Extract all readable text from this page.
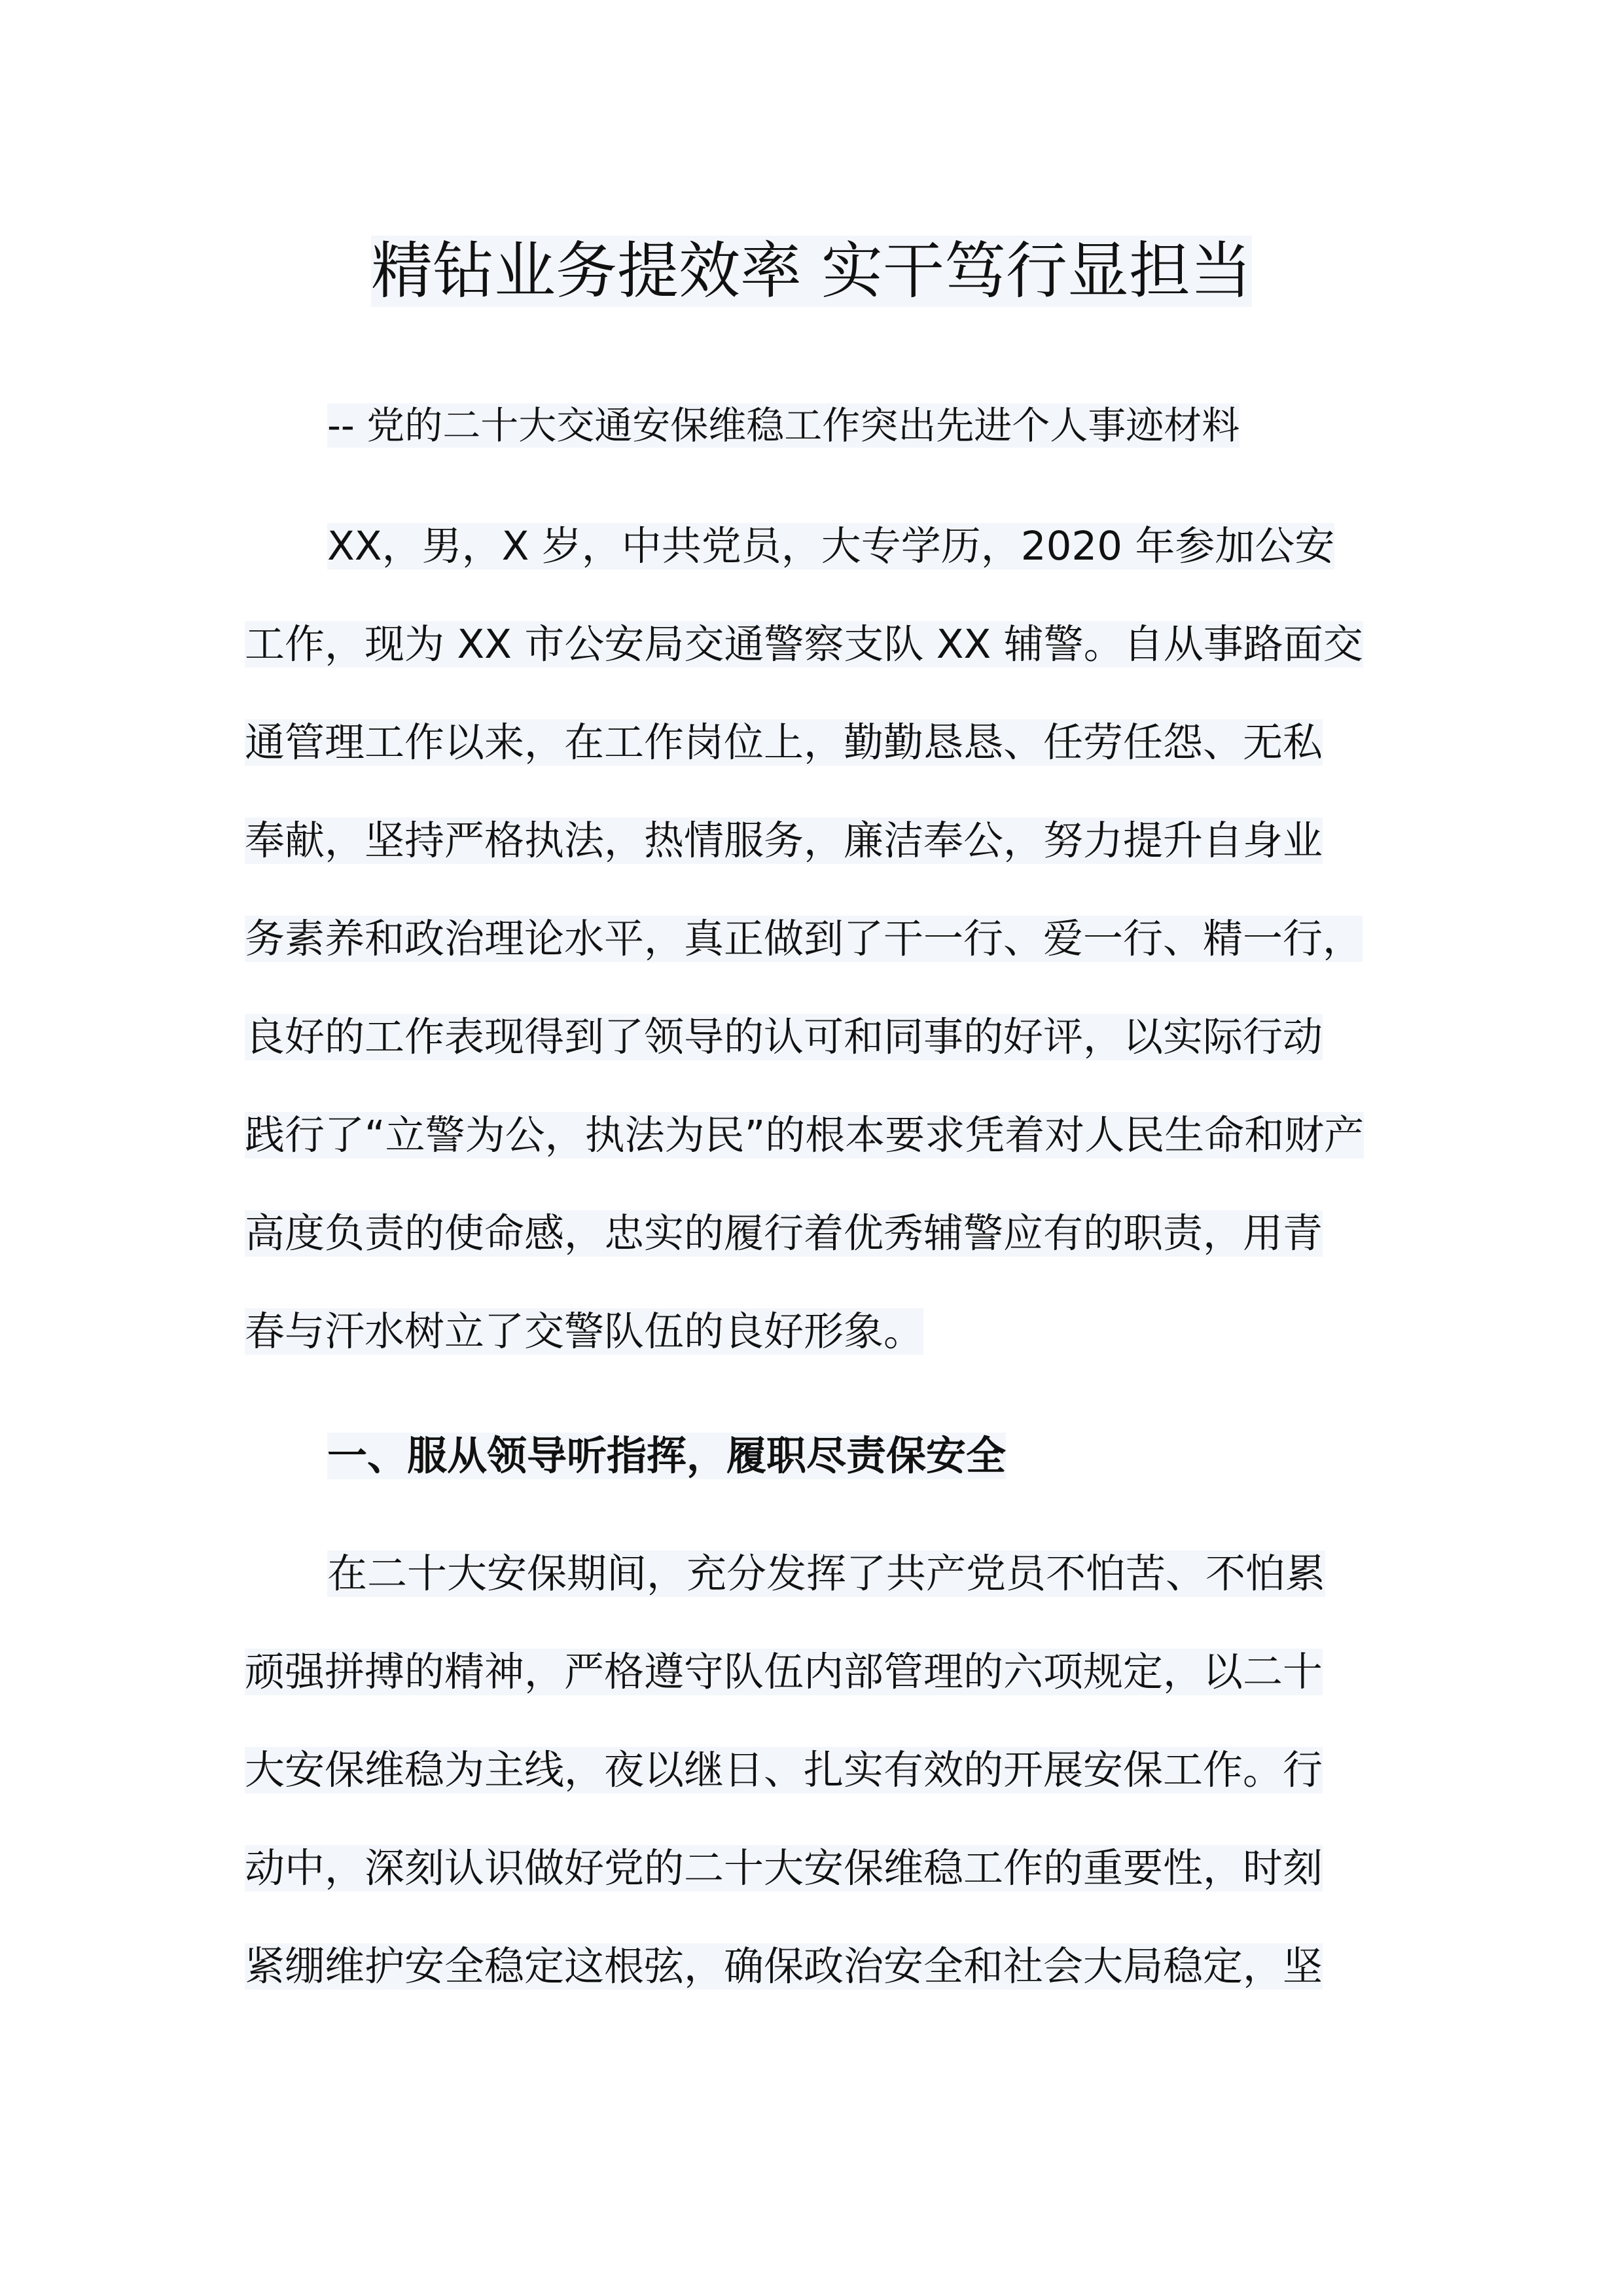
精钻业务提效率 实干笃行显担当
-- 党的二十大交通安保维稳工作突出先进个人事迹材料
XX，男，X 岁，中共党员，大专学历，2020 年参加公安
工作，现为 XX 市公安局交通警察支队 XX 辅警。自从事路面交
通管理工作以来，在工作岗位上，勤勤恳恳、任劳任怨、无私
奉献，坚持严格执法，热情服务，廉洁奉公，努力提升自身业
务素养和政治理论水平，真正做到了干一行、爱一行、精一行，
良好的工作表现得到了领导的认可和同事的好评，以实际行动
践行了“立警为公，执法为民”的根本要求凭着对人民生命和财产
高度负责的使命感，忠实的履行着优秀辅警应有的职责，用青
春与汗水树立了交警队伍的良好形象。
一、服从领导听指挥，履职尽责保安全
在二十大安保期间，充分发挥了共产党员不怕苦、不怕累
顽强拼搏的精神，严格遵守队伍内部管理的六项规定，以二十
大安保维稳为主线，夜以继日、扎实有效的开展安保工作。行
动中，深刻认识做好党的二十大安保维稳工作的重要性，时刻
紧绷维护安全稳定这根弦，确保政治安全和社会大局稳定，坚
